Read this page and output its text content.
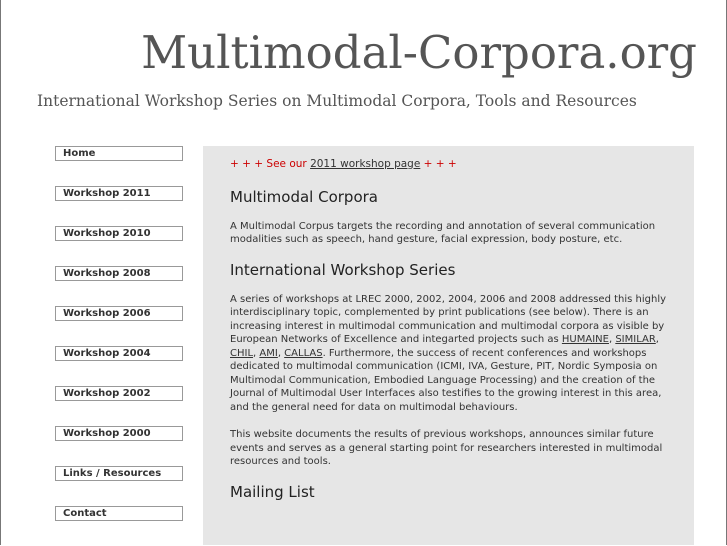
Multimodal-Corpora.org
International Workshop Series on Multimodal Corpora, Tools and Resources
Home
Workshop 2011
Workshop 2010
Workshop 2008
Workshop 2006
Workshop 2004
Workshop 2002
Workshop 2000
Links / Resources
Contact
+ + + See our 2011 workshop page + + +
Multimodal Corpora

A Multimodal Corpus targets the recording and annotation of several communication modalities such as speech, hand gesture, facial expression, body posture, etc.

International Workshop Series

A series of workshops at LREC 2000, 2002, 2004, 2006 and 2008 addressed this highly interdisciplinary topic, complemented by print publications (see below). There is an increasing interest in multimodal communication and multimodal corpora as visible by European Networks of Excellence and integarted projects such as HUMAINE, SIMILAR, CHIL, AMI, CALLAS. Furthermore, the success of recent conferences and workshops dedicated to multimodal communication (ICMI, IVA, Gesture, PIT, Nordic Symposia on Multimodal Communication, Embodied Language Processing) and the creation of the Journal of Multimodal User Interfaces also testifies to the growing interest in this area, and the general need for data on multimodal behaviours.

This website documents the results of previous workshops, announces similar future events and serves as a general starting point for researchers interested in multimodal resources and tools.

Mailing List
